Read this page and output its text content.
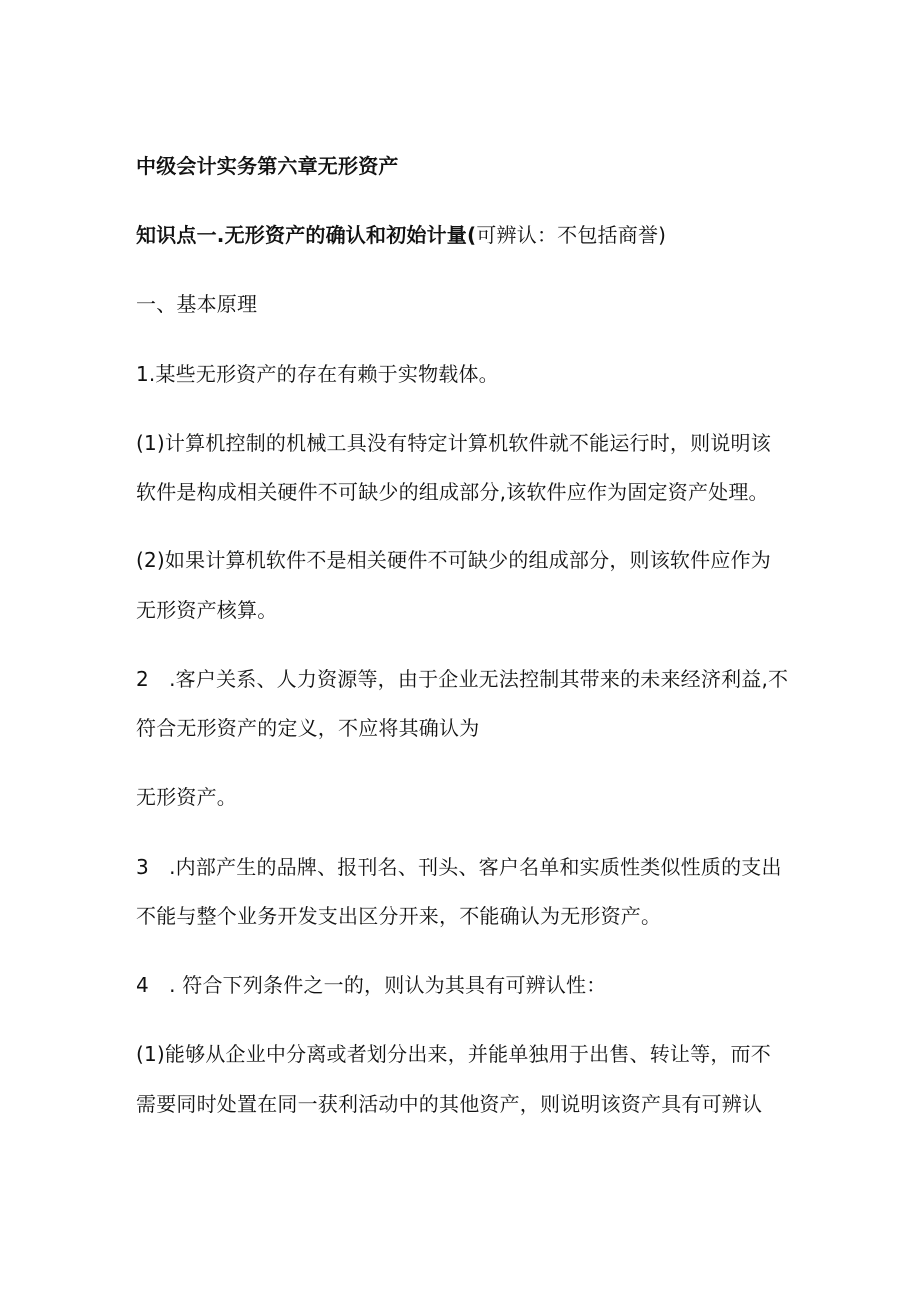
中级会计实务第六章无形资产
知识点一.无形资产的确认和初始计量(可辨认：不包括商誉)
一、基本原理
1.某些无形资产的存在有赖于实物载体。
(1)计算机控制的机械工具没有特定计算机软件就不能运行时，则说明该
软件是构成相关硬件不可缺少的组成部分,该软件应作为固定资产处理。
(2)如果计算机软件不是相关硬件不可缺少的组成部分，则该软件应作为
无形资产核算。
2　.客户关系、人力资源等，由于企业无法控制其带来的未来经济利益,不
符合无形资产的定义，不应将其确认为
无形资产。
3　.内部产生的品牌、报刊名、刊头、客户名单和实质性类似性质的支出
不能与整个业务开发支出区分开来，不能确认为无形资产。
4　. 符合下列条件之一的，则认为其具有可辨认性：
(1)能够从企业中分离或者划分出来，并能单独用于出售、转让等，而不
需要同时处置在同一获利活动中的其他资产，则说明该资产具有可辨认
